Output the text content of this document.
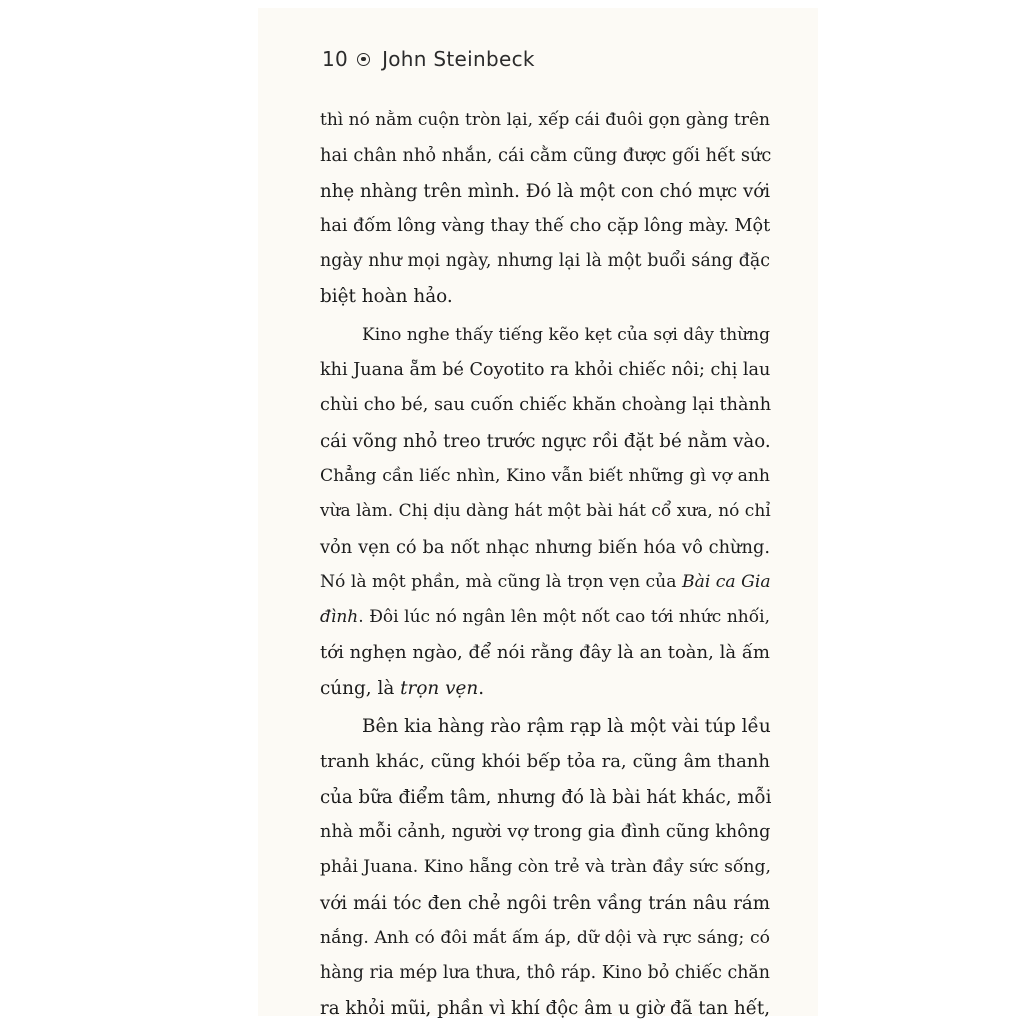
10 John Steinbeck
thì nó nằm cuộn tròn lại, xếp cái đuôi gọn gàng trên
hai chân nhỏ nhắn, cái cằm cũng được gối hết sức
nhẹ nhàng trên mình. Đó là một con chó mực với
hai đốm lông vàng thay thế cho cặp lông mày. Một
ngày như mọi ngày, nhưng lại là một buổi sáng đặc
biệt hoàn hảo.
Kino nghe thấy tiếng kẽo kẹt của sợi dây thừng
khi Juana ẵm bé Coyotito ra khỏi chiếc nôi; chị lau
chùi cho bé, sau cuốn chiếc khăn choàng lại thành
cái võng nhỏ treo trước ngực rồi đặt bé nằm vào.
Chẳng cần liếc nhìn, Kino vẫn biết những gì vợ anh
vừa làm. Chị dịu dàng hát một bài hát cổ xưa, nó chỉ
vỏn vẹn có ba nốt nhạc nhưng biến hóa vô chừng.
Nó là một phần, mà cũng là trọn vẹn của Bài ca Gia
đình. Đôi lúc nó ngân lên một nốt cao tới nhức nhối,
tới nghẹn ngào, để nói rằng đây là an toàn, là ấm
cúng, là trọn vẹn.
Bên kia hàng rào rậm rạp là một vài túp lều
tranh khác, cũng khói bếp tỏa ra, cũng âm thanh
của bữa điểm tâm, nhưng đó là bài hát khác, mỗi
nhà mỗi cảnh, người vợ trong gia đình cũng không
phải Juana. Kino hẵng còn trẻ và tràn đầy sức sống,
với mái tóc đen chẻ ngôi trên vầng trán nâu rám
nắng. Anh có đôi mắt ấm áp, dữ dội và rực sáng; có
hàng ria mép lưa thưa, thô ráp. Kino bỏ chiếc chăn
ra khỏi mũi, phần vì khí độc âm u giờ đã tan hết,
